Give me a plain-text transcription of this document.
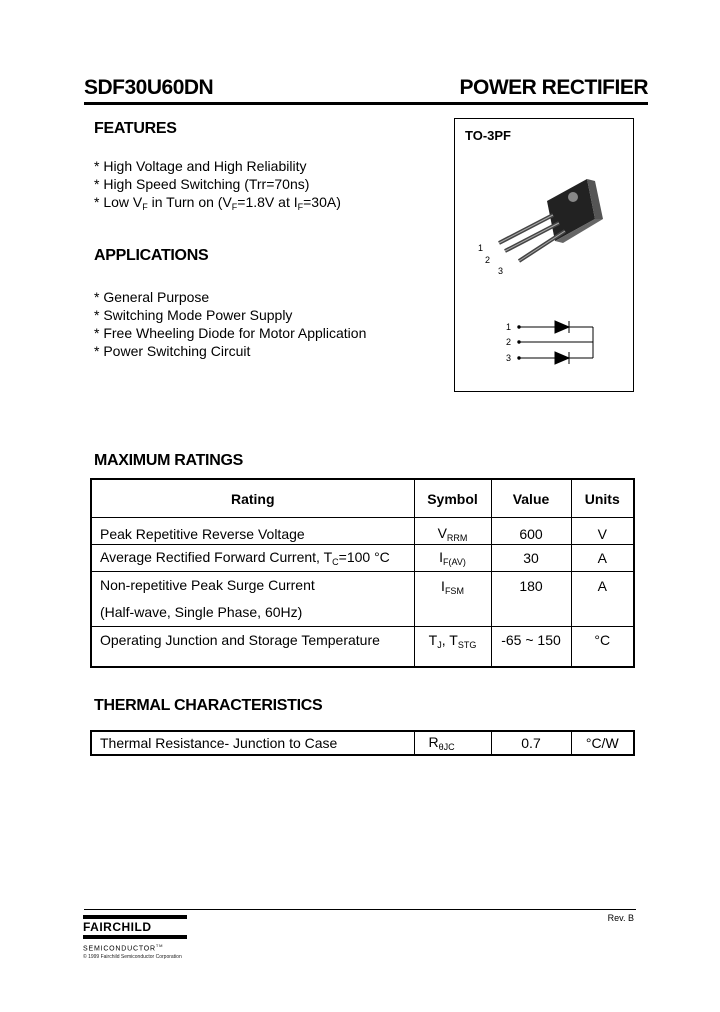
SDF30U60DN	POWER RECTIFIER
FEATURES
* High Voltage and High Reliability
* High Speed Switching (Trr=70ns)
* Low $V_F$ in Turn on ($V_F=1.8V$ at $I_F=30A$)
APPLICATIONS
* General Purpose
* Switching Mode Power Supply
* Free Wheeling Diode for Motor Application
* Power Switching Circuit
TO-3PF
1
2
3
1
2
3
MAXIMUM RATINGS
Rating	Symbol	Value	Units
Peak Repetitive Reverse Voltage	$V_{RRM}$	600	V
Average Rectified Forward Current, $T_C=100$ °C	$I_{F(AV)}$	30	A

Non-repetitive Peak Surge Current
(Half-wave, Single Phase, 60Hz)	$I_{FSM}$	180	A
Operating Junction and Storage Temperature	$T_J$, $T_{STG}$	-65 ~ 150	°C
THERMAL CHARACTERISTICS
Thermal Resistance- Junction to Case	$R_{\theta JC}$	0.7	°C/W
Rev. B
FAIRCHILD
SEMICONDUCTOR™
© 1999 Fairchild Semiconductor Corporation
